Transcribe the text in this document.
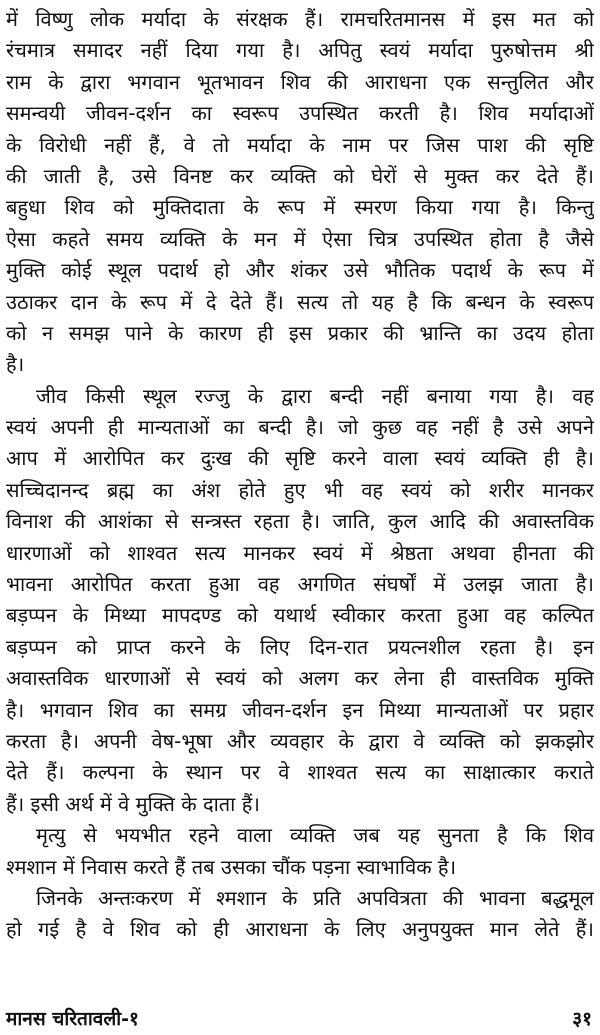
में विष्णु लोक मर्यादा के संरक्षक हैं। रामचरितमानस में इस मत को
रंचमात्र समादर नहीं दिया गया है। अपितु स्वयं मर्यादा पुरुषोत्तम श्री
राम के द्वारा भगवान भूतभावन शिव की आराधना एक सन्तुलित और
समन्वयी जीवन-दर्शन का स्वरूप उपस्थित करती है। शिव मर्यादाओं
के विरोधी नहीं हैं, वे तो मर्यादा के नाम पर जिस पाश की सृष्टि
की जाती है, उसे विनष्ट कर व्यक्ति को घेरों से मुक्त कर देते हैं।
बहुधा शिव को मुक्तिदाता के रूप में स्मरण किया गया है। किन्तु
ऐसा कहते समय व्यक्ति के मन में ऐसा चित्र उपस्थित होता है जैसे
मुक्ति कोई स्थूल पदार्थ हो और शंकर उसे भौतिक पदार्थ के रूप में
उठाकर दान के रूप में दे देते हैं। सत्य तो यह है कि बन्धन के स्वरूप
को न समझ पाने के कारण ही इस प्रकार की भ्रान्ति का उदय होता
है।
जीव किसी स्थूल रज्जु के द्वारा बन्दी नहीं बनाया गया है। वह
स्वयं अपनी ही मान्यताओं का बन्दी है। जो कुछ वह नहीं है उसे अपने
आप में आरोपित कर दुःख की सृष्टि करने वाला स्वयं व्यक्ति ही है।
सच्चिदानन्द ब्रह्म का अंश होते हुए भी वह स्वयं को शरीर मानकर
विनाश की आशंका से सन्त्रस्त रहता है। जाति, कुल आदि की अवास्तविक
धारणाओं को शाश्वत सत्य मानकर स्वयं में श्रेष्ठता अथवा हीनता की
भावना आरोपित करता हुआ वह अगणित संघर्षों में उलझ जाता है।
बड़प्पन के मिथ्या मापदण्ड को यथार्थ स्वीकार करता हुआ वह कल्पित
बड़प्पन को प्राप्त करने के लिए दिन-रात प्रयत्नशील रहता है। इन
अवास्तविक धारणाओं से स्वयं को अलग कर लेना ही वास्तविक मुक्ति
है। भगवान शिव का समग्र जीवन-दर्शन इन मिथ्या मान्यताओं पर प्रहार
करता है। अपनी वेष-भूषा और व्यवहार के द्वारा वे व्यक्ति को झकझोर
देते हैं। कल्पना के स्थान पर वे शाश्वत सत्य का साक्षात्कार कराते
हैं। इसी अर्थ में वे मुक्ति के दाता हैं।
मृत्यु से भयभीत रहने वाला व्यक्ति जब यह सुनता है कि शिव
श्मशान में निवास करते हैं तब उसका चौंक पड़ना स्वाभाविक है।
जिनके अन्तःकरण में श्मशान के प्रति अपवित्रता की भावना बद्धमूल
हो गई है वे शिव को ही आराधना के लिए अनुपयुक्त मान लेते हैं।
मानस चरितावली-१	३१
